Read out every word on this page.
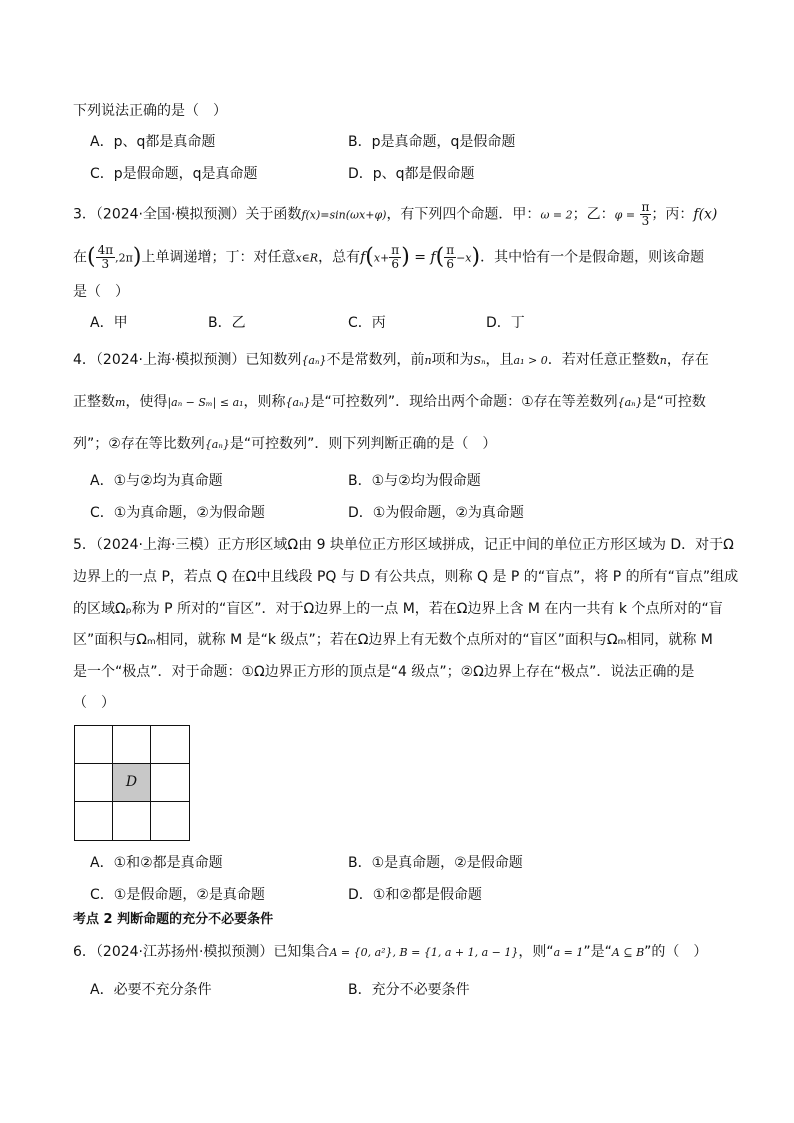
下列说法正确的是（　）
A．p、q都是真命题	B．p是真命题，q是假命题
C．p是假命题，q是真命题	D．p、q都是假命题
3．（2024·全国·模拟预测）关于函数f(x)=sin(ωx+φ)，有下列四个命题．甲：ω = 2；乙：$\varphi = \frac{\pi}{3}$ ；丙：f(x)
在( $\frac{4\pi}{3} ,2\pi$)上单调递增；丁：对任意x∈R，总有$f(x+ \frac{\pi}{6}$ ) = $f( \frac{\pi}{6} -x)$．其中恰有一个是假命题，则该命题
是（　）
A．甲	B．乙	C．丙	D．丁
4．（2024·上海·模拟预测）已知数列{aₙ}不是常数列，前n项和为Sₙ，且a₁ > 0．若对任意正整数n，存在
正整数m，使得|aₙ − Sₘ| ≤ a₁，则称{aₙ}是“可控数列”．现给出两个命题：①存在等差数列{aₙ}是“可控数
列”；②存在等比数列{aₙ}是“可控数列”．则下列判断正确的是（　）
A．①与②均为真命题	B．①与②均为假命题
C．①为真命题，②为假命题	D．①为假命题，②为真命题
5．（2024·上海·三模）正方形区域Ω由 9 块单位正方形区域拼成，记正中间的单位正方形区域为 D．对于Ω
边界上的一点 P，若点 Q 在Ω中且线段 PQ 与 D 有公共点，则称 Q 是 P 的“盲点”，将 P 的所有“盲点”组成
的区域Ωₚ称为 P 所对的“盲区”．对于Ω边界上的一点 M，若在Ω边界上含 M 在内一共有 k 个点所对的“盲
区”面积与Ωₘ相同，就称 M 是“k 级点”；若在Ω边界上有无数个点所对的“盲区”面积与Ωₘ相同，就称 M
是一个“极点”．对于命题：①Ω边界正方形的顶点是“4 级点”；②Ω边界上存在“极点”．说法正确的是
（　）
D
A．①和②都是真命题	B．①是真命题，②是假命题
C．①是假命题，②是真命题	D．①和②都是假命题
考点 2 判断命题的充分不必要条件
6．（2024·江苏扬州·模拟预测）已知集合A = {0, a²}, B = {1, a + 1, a − 1}，则“a = 1”是“A ⊆ B”的（　）
A．必要不充分条件	B．充分不必要条件
